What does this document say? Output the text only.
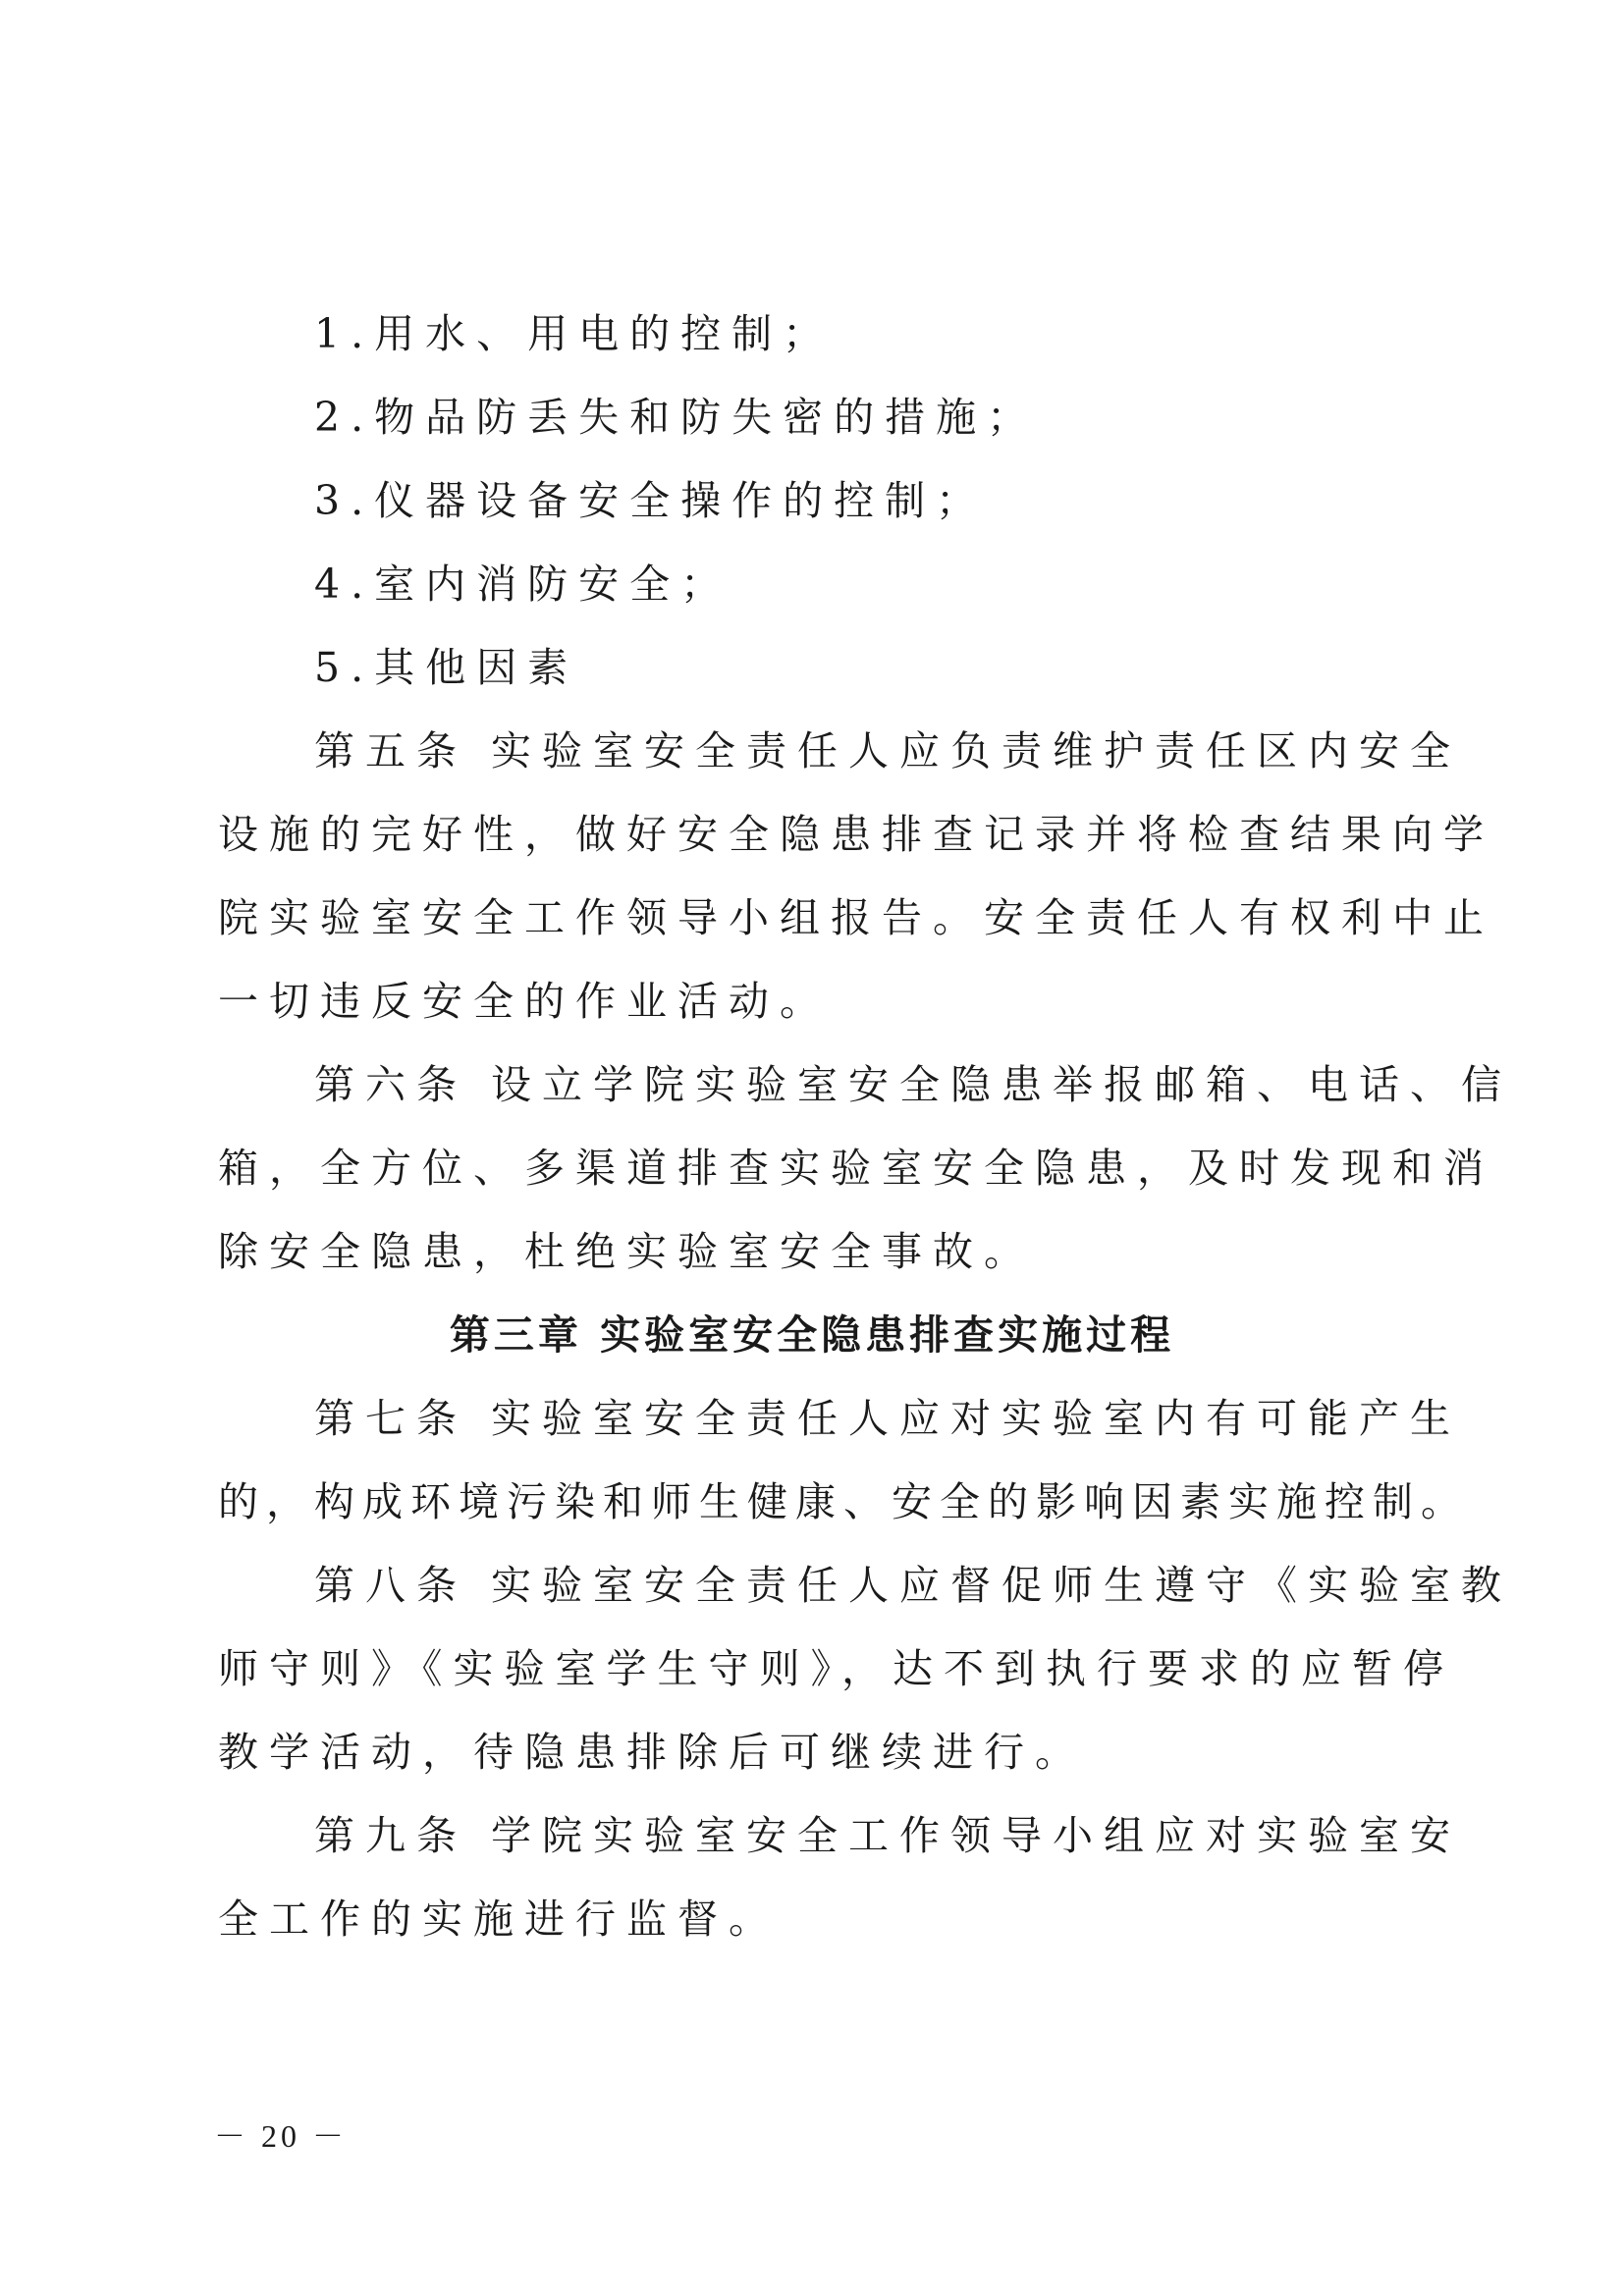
1.用水、用电的控制；
2.物品防丢失和防失密的措施；
3.仪器设备安全操作的控制；
4.室内消防安全；
5.其他因素
第五条 实验室安全责任人应负责维护责任区内安全
设施的完好性，做好安全隐患排查记录并将检查结果向学
院实验室安全工作领导小组报告。安全责任人有权利中止
一切违反安全的作业活动。
第六条 设立学院实验室安全隐患举报邮箱、电话、信
箱，全方位、多渠道排查实验室安全隐患，及时发现和消
除安全隐患，杜绝实验室安全事故。
第三章 实验室安全隐患排查实施过程
第七条 实验室安全责任人应对实验室内有可能产生
的，构成环境污染和师生健康、安全的影响因素实施控制。
第八条 实验室安全责任人应督促师生遵守《实验室教
师守则》《实验室学生守则》，达不到执行要求的应暂停
教学活动，待隐患排除后可继续进行。
第九条 学院实验室安全工作领导小组应对实验室安
全工作的实施进行监督。
－ 20 －
